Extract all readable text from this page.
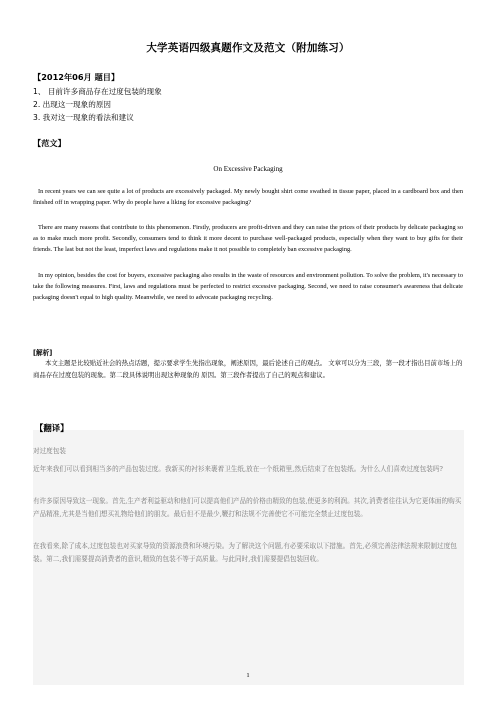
大学英语四级真题作文及范文（附加练习）
【2012年06月 题目】
1、 目前许多商品存在过度包装的现象
2. 出现这一现象的原因
3. 我对这一现象的看法和建议
【范文】
On Excessive Packaging
In recent years we can see quite a lot of products are excessively packaged. My newly bought shirt come swathed in tissue paper, placed in a cardboard box and then finished off in wrapping paper. Why do people have a liking for excessive packaging?
There are many reasons that contribute to this phenomenon. Firstly, producers are profit-driven and they can raise the prices of their products by delicate packaging so as to make much more profit. Secondly, consumers tend to think it more decent to purchase well-packaged products, especially when they want to buy gifts for their friends. The last but not the least, imperfect laws and regulations make it not possible to completely ban excessive packaging.
In my opinion, besides the cost for buyers, excessive packaging also results in the waste of resources and environment pollution. To solve the problem, it's necessary to take the following measures. First, laws and regulations must be perfected to restrict excessive packaging. Second, we need to raise consumer's awareness that delicate packaging doesn't equal to high quality. Meanwhile, we need to advocate packaging recycling.
[解析]
本文主题是比较贴近社会的热点话题，提示要求学生先指出现象，阐述原因，最后论述自己的观点。 文章可以分为三段，第一段才指出目前市场上的商品存在过度包装的现象。第二段具体说明出现这种现象的 原因。第三段作者提出了自己的观点和建议。
【翻译】
对过度包装
近年来我们可以看到相当多的产品包装过度。我新买的衬衫来裹着卫生纸,放在一个纸箱里,然后结束了在包装纸。为什么人们喜欢过度包装吗?
有许多原因导致这一现象。首先,生产者利益驱动和他们可以提高他们产品的价格由精致的包装,使更多的利润。其次,消费者往往认为它更体面的购买产品精准,尤其是当他们想买礼物给他们的朋友。最后但不是最少,鞭打和法规不完善使它不可能完全禁止过度包装。
在我看来,除了成本,过度包装也对买家导致的资源浪费和环境污染。为了解决这个问题,有必要采取以下措施。首先,必须完善法律法规来限制过度包装。第二,我们需要提高消费者的意识,精致的包装不等于高质量。与此同时,我们需要提倡包装回收。
1
